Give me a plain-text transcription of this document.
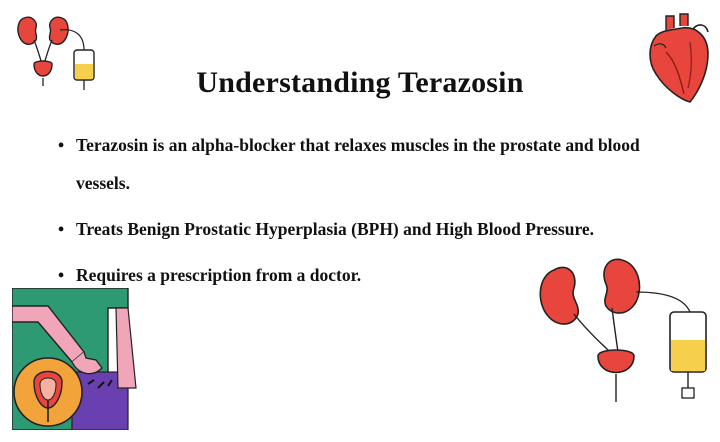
Understanding Terazosin
• Terazosin is an alpha-blocker that relaxes muscles in the prostate and blood vessels.
• Treats Benign Prostatic Hyperplasia (BPH) and High Blood Pressure.
• Requires a prescription from a doctor.
